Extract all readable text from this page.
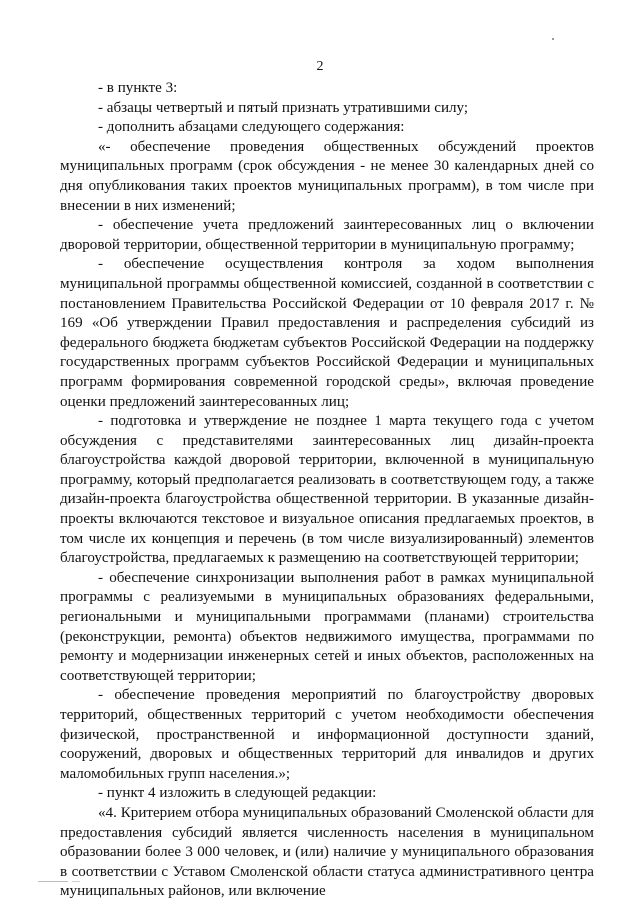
2

- в пункте 3:

- абзацы четвертый и пятый признать утратившими силу;

- дополнить абзацами следующего содержания:

«- обеспечение проведения общественных обсуждений проектов муниципальных программ (срок обсуждения - не менее 30 календарных дней со дня опубликования таких проектов муниципальных программ), в том числе при внесении в них изменений;

- обеспечение учета предложений заинтересованных лиц о включении дворовой территории, общественной территории в муниципальную программу;

- обеспечение осуществления контроля за ходом выполнения муниципальной программы общественной комиссией, созданной в соответствии с постановлением Правительства Российской Федерации от 10 февраля 2017 г. № 169 «Об утверждении Правил предоставления и распределения субсидий из федерального бюджета бюджетам субъектов Российской Федерации на поддержку государственных программ субъектов Российской Федерации и муниципальных программ формирования современной городской среды», включая проведение оценки предложений заинтересованных лиц;

- подготовка и утверждение не позднее 1 марта текущего года с учетом обсуждения с представителями заинтересованных лиц дизайн-проекта благоустройства каждой дворовой территории, включенной в муниципальную программу, который предполагается реализовать в соответствующем году, а также дизайн-проекта благоустройства общественной территории. В указанные дизайн-проекты включаются текстовое и визуальное описания предлагаемых проектов, в том числе их концепция и перечень (в том числе визуализированный) элементов благоустройства, предлагаемых к размещению на соответствующей территории;

- обеспечение синхронизации выполнения работ в рамках муниципальной программы с реализуемыми в муниципальных образованиях федеральными, региональными и муниципальными программами (планами) строительства (реконструкции, ремонта) объектов недвижимого имущества, программами по ремонту и модернизации инженерных сетей и иных объектов, расположенных на соответствующей территории;

- обеспечение проведения мероприятий по благоустройству дворовых территорий, общественных территорий с учетом необходимости обеспечения физической, пространственной и информационной доступности зданий, сооружений, дворовых и общественных территорий для инвалидов и других маломобильных групп населения.»;

- пункт 4 изложить в следующей редакции:

«4. Критерием отбора муниципальных образований Смоленской области для предоставления субсидий является численность населения в муниципальном образовании более 3 000 человек, и (или) наличие у муниципального образования в соответствии с Уставом Смоленской области статуса административного центра муниципальных районов, или включение
